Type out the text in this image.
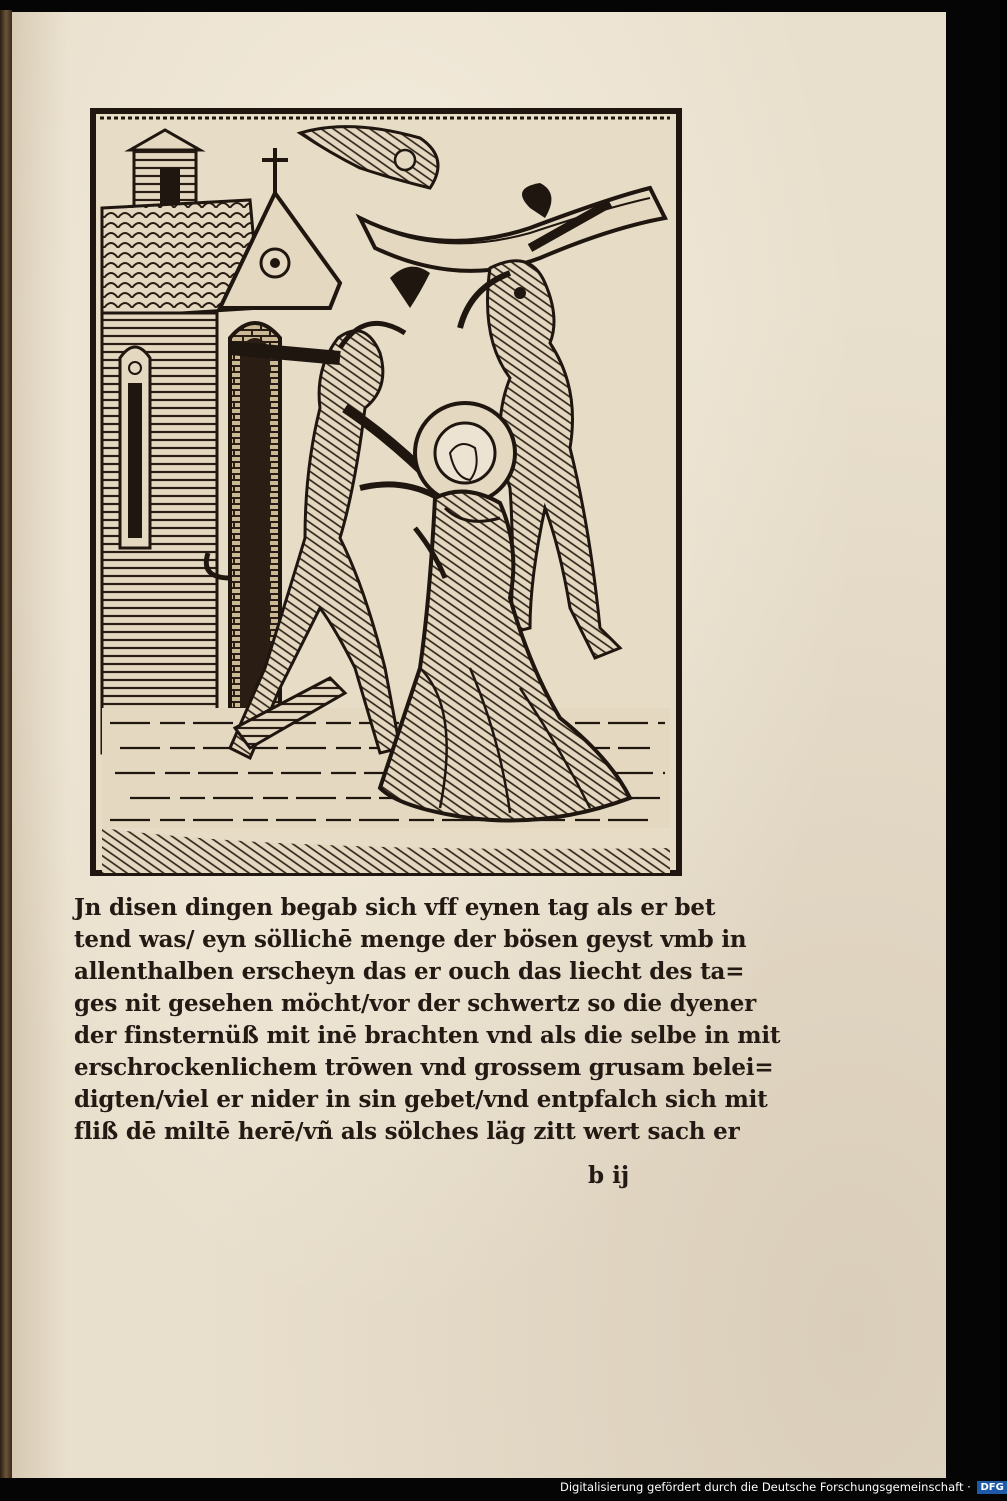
Jn disen dingen begab sich vff eynen tag als er bet
tend was/ eyn söllichē menge der bösen geyst vmb in
allenthalben erscheyn das er ouch das liecht des ta=
ges nit gesehen möcht/vor der schwertz so die dyener
der finsternüß mit inē brachten vnd als die selbe in mit
erschrockenlichem trōwen vnd grossem grusam belei=
digten/viel er nider in sin gebet/vnd entpfalch sich mit
fliß dē miltē herē/vñ als sölches läg zitt wert sach er
b ij
Digitalisierung gefördert durch die Deutsche Forschungsgemeinschaft · DFG
